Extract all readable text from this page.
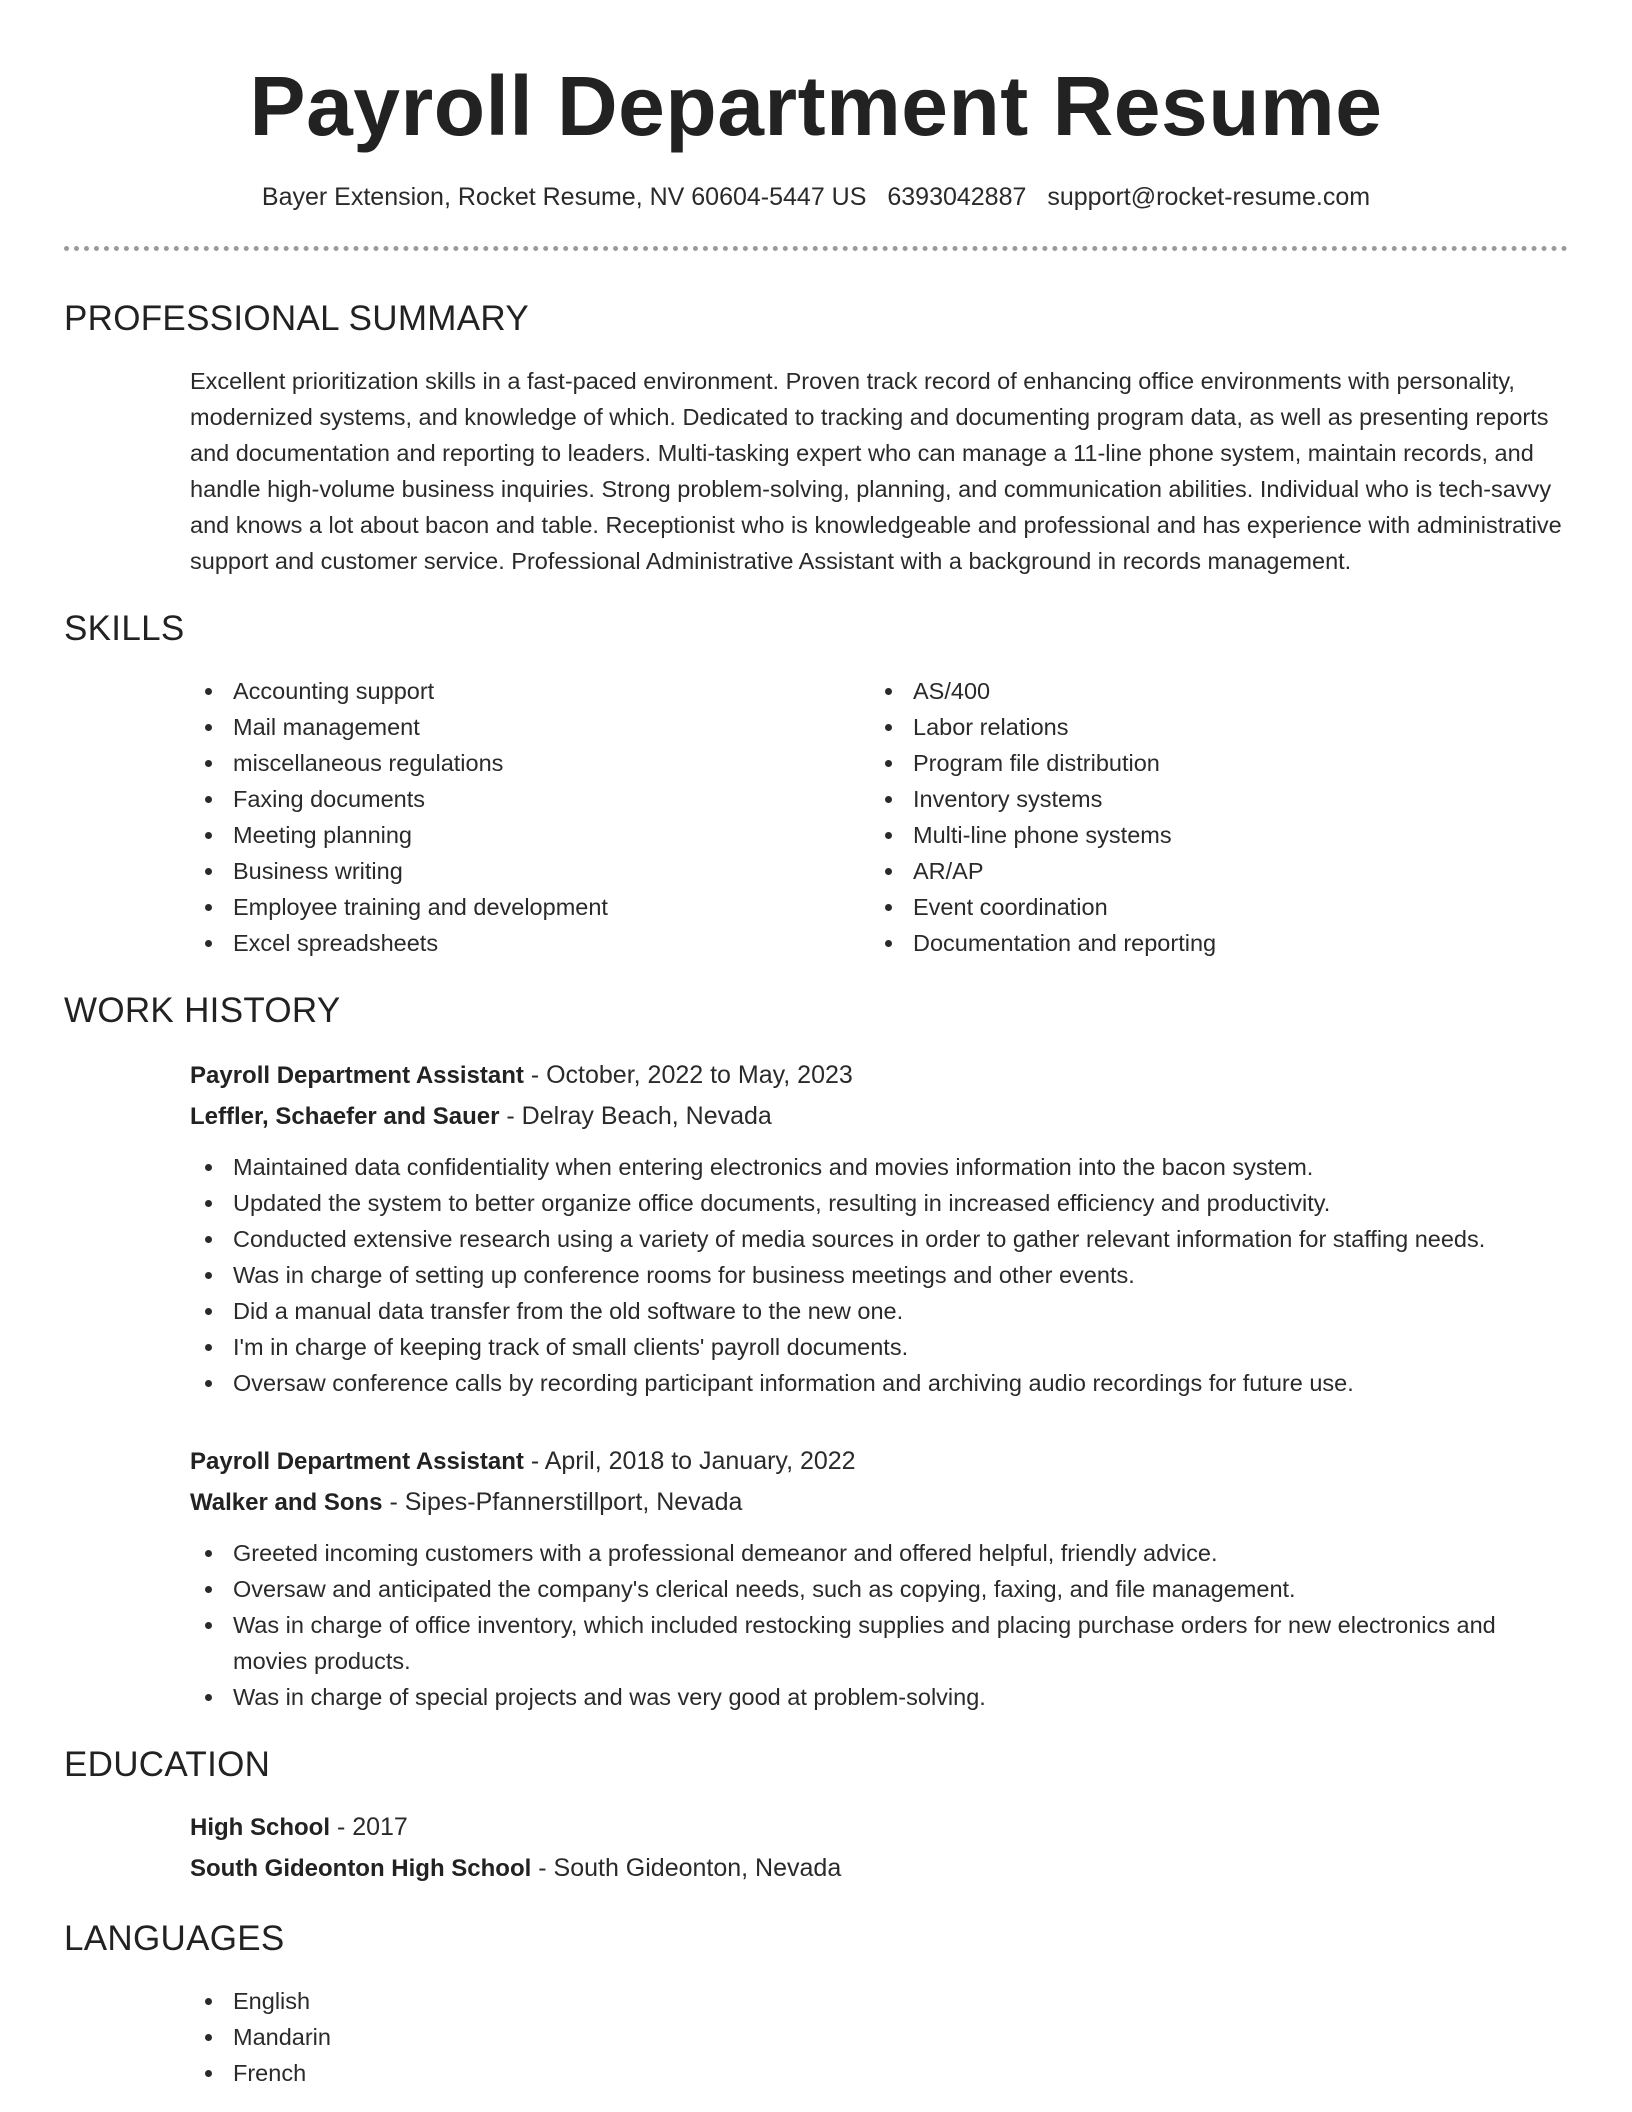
Payroll Department Resume
Bayer Extension, Rocket Resume, NV 60604-5447 US 6393042887 support@rocket-resume.com
PROFESSIONAL SUMMARY

Excellent prioritization skills in a fast-paced environment. Proven track record of enhancing office environments with personality, modernized systems, and knowledge of which. Dedicated to tracking and documenting program data, as well as presenting reports and documentation and reporting to leaders. Multi-tasking expert who can manage a 11-line phone system, maintain records, and handle high-volume business inquiries. Strong problem-solving, planning, and communication abilities. Individual who is tech-savvy and knows a lot about bacon and table. Receptionist who is knowledgeable and professional and has experience with administrative support and customer service. Professional Administrative Assistant with a background in records management.

SKILLS
Accounting support
Mail management
miscellaneous regulations
Faxing documents
Meeting planning
Business writing
Employee training and development
Excel spreadsheets
AS/400
Labor relations
Program file distribution
Inventory systems
Multi-line phone systems
AR/AP
Event coordination
Documentation and reporting
WORK HISTORY
Payroll Department Assistant - October, 2022 to May, 2023
Leffler, Schaefer and Sauer - Delray Beach, Nevada
Maintained data confidentiality when entering electronics and movies information into the bacon system.
Updated the system to better organize office documents, resulting in increased efficiency and productivity.
Conducted extensive research using a variety of media sources in order to gather relevant information for staffing needs.
Was in charge of setting up conference rooms for business meetings and other events.
Did a manual data transfer from the old software to the new one.
I'm in charge of keeping track of small clients' payroll documents.
Oversaw conference calls by recording participant information and archiving audio recordings for future use.
Payroll Department Assistant - April, 2018 to January, 2022
Walker and Sons - Sipes-Pfannerstillport, Nevada
Greeted incoming customers with a professional demeanor and offered helpful, friendly advice.
Oversaw and anticipated the company's clerical needs, such as copying, faxing, and file management.
Was in charge of office inventory, which included restocking supplies and placing purchase orders for new electronics and movies products.
Was in charge of special projects and was very good at problem-solving.
EDUCATION
High School - 2017
South Gideonton High School - South Gideonton, Nevada
LANGUAGES
English
Mandarin
French
